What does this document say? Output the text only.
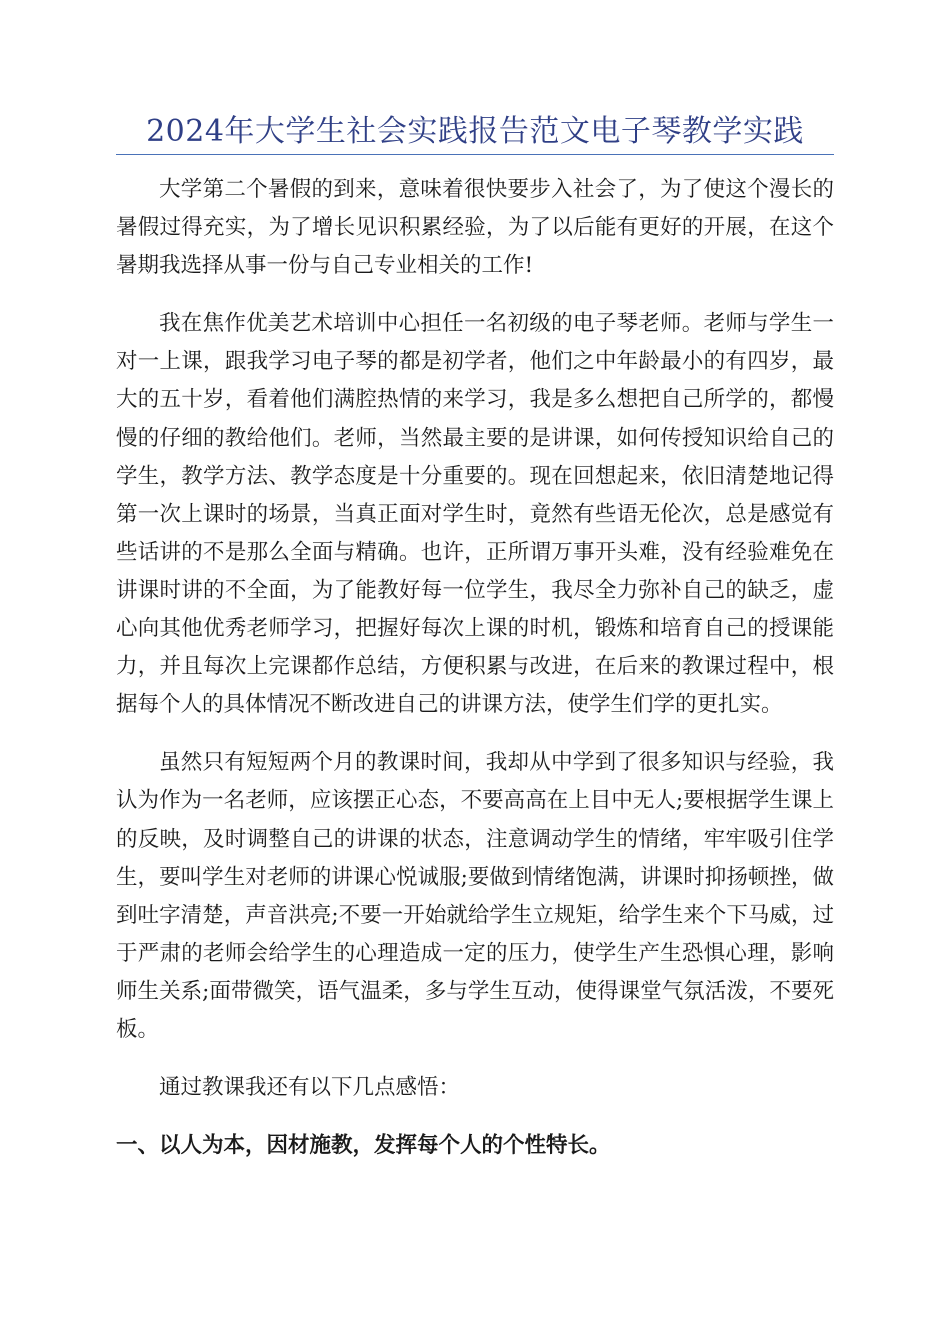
2024年大学生社会实践报告范文电子琴教学实践

大学第二个暑假的到来，意味着很快要步入社会了，为了使这个漫长的暑假过得充实，为了增长见识积累经验，为了以后能有更好的开展，在这个暑期我选择从事一份与自己专业相关的工作!

我在焦作优美艺术培训中心担任一名初级的电子琴老师。老师与学生一对一上课，跟我学习电子琴的都是初学者，他们之中年龄最小的有四岁，最大的五十岁，看着他们满腔热情的来学习，我是多么想把自己所学的，都慢慢的仔细的教给他们。老师，当然最主要的是讲课，如何传授知识给自己的学生，教学方法、教学态度是十分重要的。现在回想起来，依旧清楚地记得第一次上课时的场景，当真正面对学生时，竟然有些语无伦次，总是感觉有些话讲的不是那么全面与精确。也许，正所谓万事开头难，没有经验难免在讲课时讲的不全面，为了能教好每一位学生，我尽全力弥补自己的缺乏，虚心向其他优秀老师学习，把握好每次上课的时机，锻炼和培育自己的授课能力，并且每次上完课都作总结，方便积累与改进，在后来的教课过程中，根据每个人的具体情况不断改进自己的讲课方法，使学生们学的更扎实。

虽然只有短短两个月的教课时间，我却从中学到了很多知识与经验，我认为作为一名老师，应该摆正心态，不要高高在上目中无人;要根据学生课上的反映，及时调整自己的讲课的状态，注意调动学生的情绪，牢牢吸引住学生，要叫学生对老师的讲课心悦诚服;要做到情绪饱满，讲课时抑扬顿挫，做到吐字清楚，声音洪亮;不要一开始就给学生立规矩，给学生来个下马威，过于严肃的老师会给学生的心理造成一定的压力，使学生产生恐惧心理，影响师生关系;面带微笑，语气温柔，多与学生互动，使得课堂气氛活泼，不要死板。

通过教课我还有以下几点感悟：

一、以人为本，因材施教，发挥每个人的个性特长。
